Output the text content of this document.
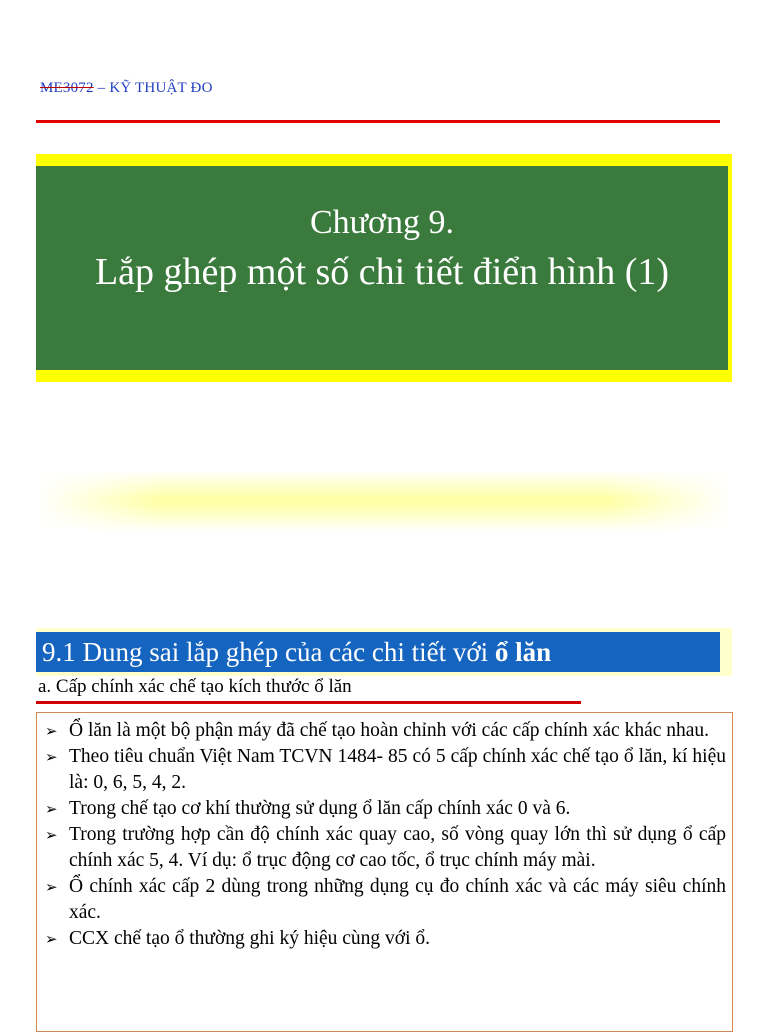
ME3072 – KỸ THUẬT ĐO
Chương 9.
Lắp ghép một số chi tiết điển hình (1)
9.1 Dung sai lắp ghép của các chi tiết với ổ lăn
a. Cấp chính xác chế tạo kích thước ổ lăn
➢ Ổ lăn là một bộ phận máy đã chế tạo hoàn chỉnh với các cấp chính xác khác nhau.
➢ Theo tiêu chuẩn Việt Nam TCVN 1484- 85 có 5 cấp chính xác chế tạo ổ lăn, kí hiệu là: 0, 6, 5, 4, 2.
➢ Trong chế tạo cơ khí thường sử dụng ổ lăn cấp chính xác 0 và 6.
➢ Trong trường hợp cần độ chính xác quay cao, số vòng quay lớn thì sử dụng ổ cấp chính xác 5, 4. Ví dụ: ổ trục động cơ cao tốc, ổ trục chính máy mài.
➢ Ổ chính xác cấp 2 dùng trong những dụng cụ đo chính xác và các máy siêu chính xác.
➢ CCX chế tạo ổ thường ghi ký hiệu cùng với ổ.
